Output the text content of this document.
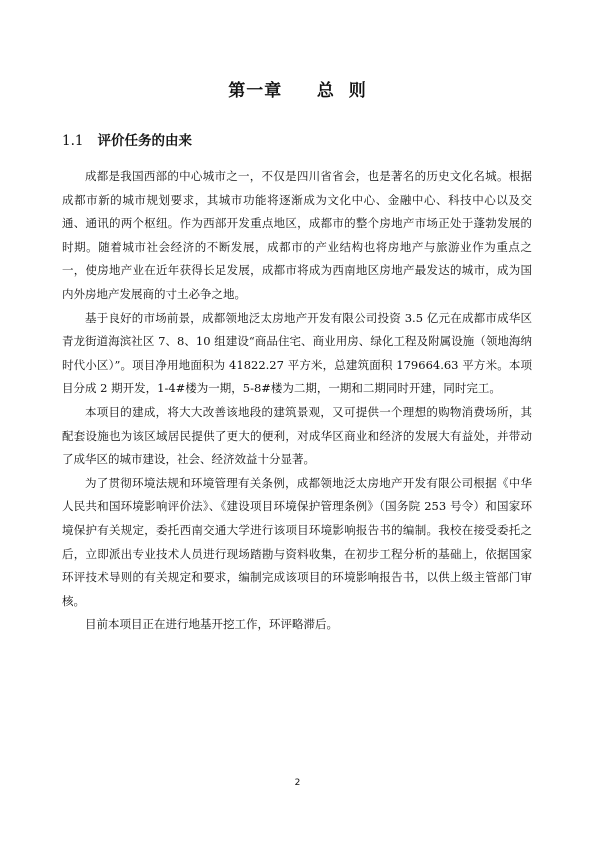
第一章     总  则
1.1 评价任务的由来

成都是我国西部的中心城市之一，不仅是四川省省会，也是著名的历史文化名城。根据成都市新的城市规划要求，其城市功能将逐渐成为文化中心、金融中心、科技中心以及交通、通讯的两个枢纽。作为西部开发重点地区，成都市的整个房地产市场正处于蓬勃发展的时期。随着城市社会经济的不断发展，成都市的产业结构也将房地产与旅游业作为重点之一，使房地产业在近年获得长足发展，成都市将成为西南地区房地产最发达的城市，成为国内外房地产发展商的寸土必争之地。

基于良好的市场前景，成都领地泛太房地产开发有限公司投资 3.5 亿元在成都市成华区青龙街道海滨社区 7、8、10 组建设“商品住宅、商业用房、绿化工程及附属设施（领地海纳时代小区）”。项目净用地面积为 41822.27 平方米，总建筑面积 179664.63 平方米。本项目分成 2 期开发，1-4#楼为一期，5-8#楼为二期，一期和二期同时开建，同时完工。

本项目的建成，将大大改善该地段的建筑景观，又可提供一个理想的购物消费场所，其配套设施也为该区域居民提供了更大的便利，对成华区商业和经济的发展大有益处，并带动了成华区的城市建设，社会、经济效益十分显著。

为了贯彻环境法规和环境管理有关条例，成都领地泛太房地产开发有限公司根据《中华人民共和国环境影响评价法》、《建设项目环境保护管理条例》（国务院 253 号令）和国家环境保护有关规定，委托西南交通大学进行该项目环境影响报告书的编制。我校在接受委托之后，立即派出专业技术人员进行现场踏勘与资料收集，在初步工程分析的基础上，依据国家环评技术导则的有关规定和要求，编制完成该项目的环境影响报告书，以供上级主管部门审核。

目前本项目正在进行地基开挖工作，环评略滞后。

2
